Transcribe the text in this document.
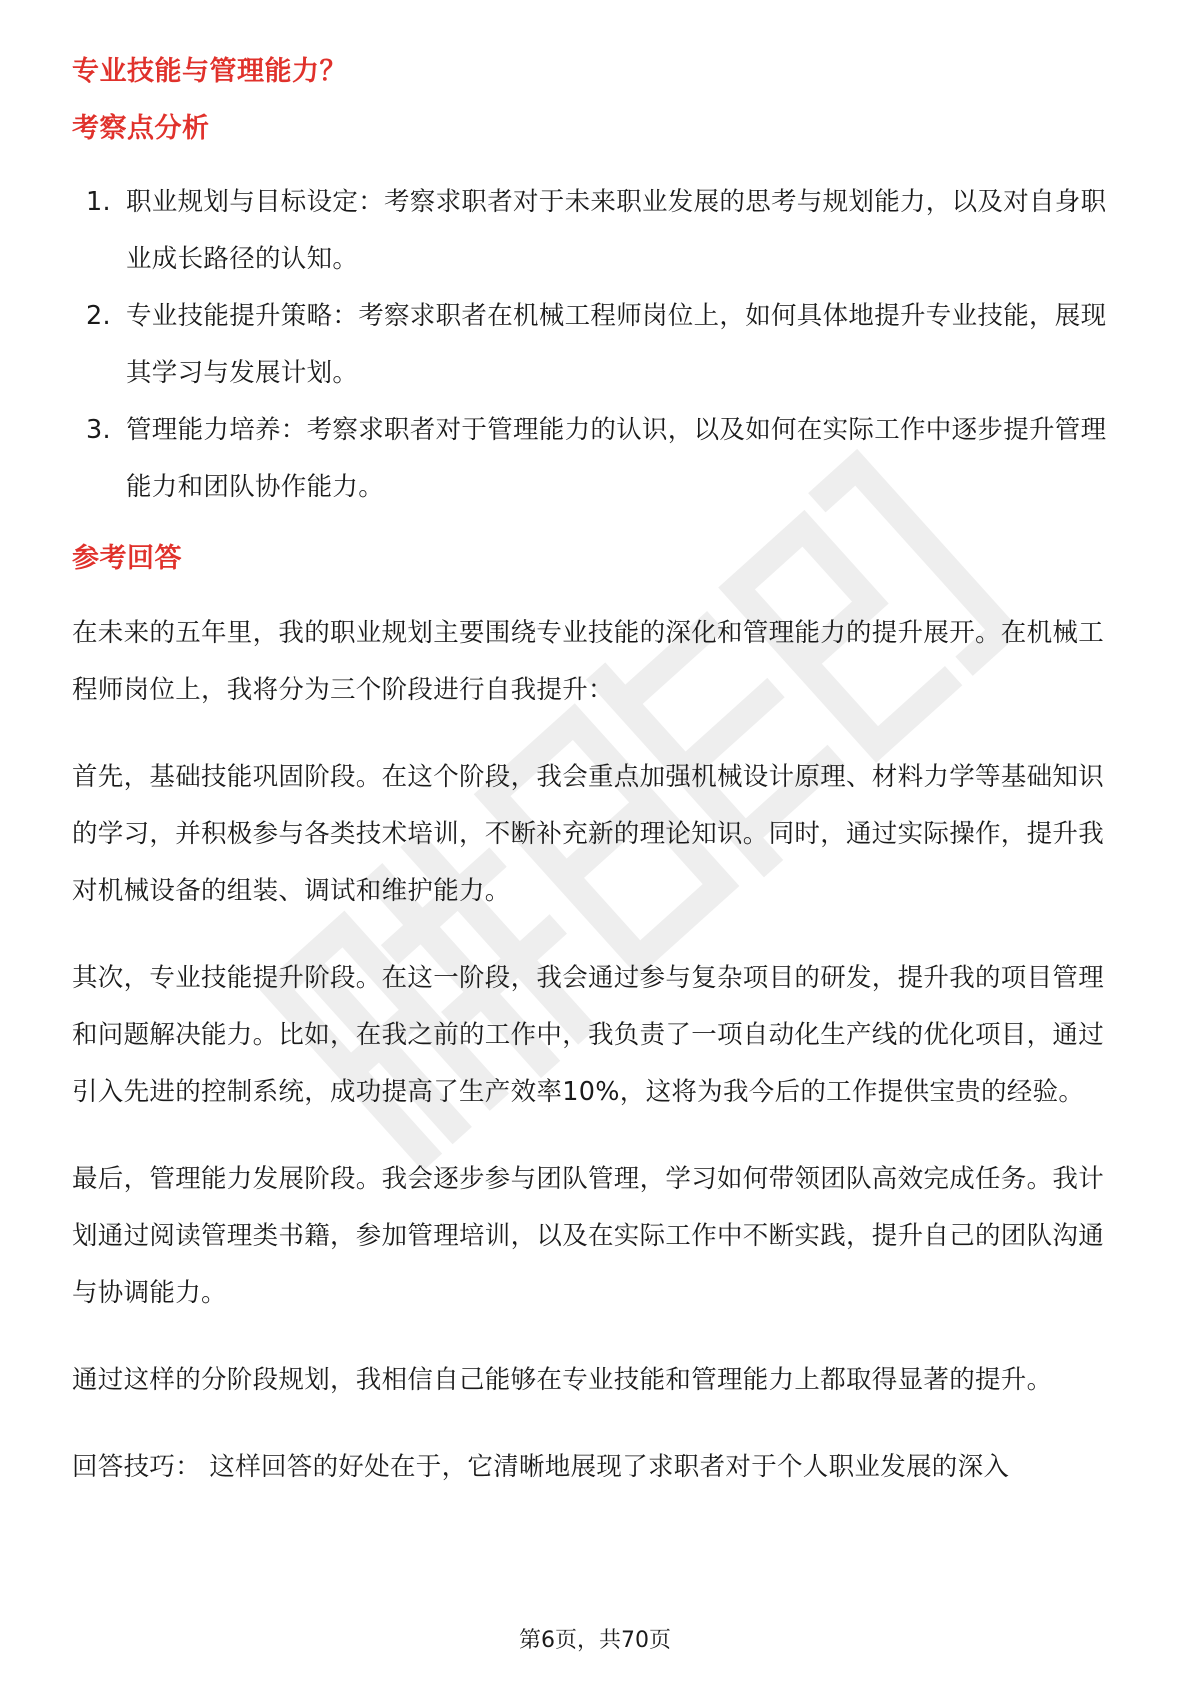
专业技能与管理能力？
考察点分析
1. 职业规划与目标设定：考察求职者对于未来职业发展的思考与规划能力，以及对自身职业成长路径的认知。
2. 专业技能提升策略：考察求职者在机械工程师岗位上，如何具体地提升专业技能，展现其学习与发展计划。
3. 管理能力培养：考察求职者对于管理能力的认识，以及如何在实际工作中逐步提升管理能力和团队协作能力。
参考回答

在未来的五年里，我的职业规划主要围绕专业技能的深化和管理能力的提升展开。在机械工程师岗位上，我将分为三个阶段进行自我提升：

首先，基础技能巩固阶段。在这个阶段，我会重点加强机械设计原理、材料力学等基础知识的学习，并积极参与各类技术培训，不断补充新的理论知识。同时，通过实际操作，提升我对机械设备的组装、调试和维护能力。

其次，专业技能提升阶段。在这一阶段，我会通过参与复杂项目的研发，提升我的项目管理和问题解决能力。比如，在我之前的工作中，我负责了一项自动化生产线的优化项目，通过引入先进的控制系统，成功提高了生产效率10%，这将为我今后的工作提供宝贵的经验。

最后，管理能力发展阶段。我会逐步参与团队管理，学习如何带领团队高效完成任务。我计划通过阅读管理类书籍，参加管理培训，以及在实际工作中不断实践，提升自己的团队沟通与协调能力。

通过这样的分阶段规划，我相信自己能够在专业技能和管理能力上都取得显著的提升。

回答技巧： 这样回答的好处在于，它清晰地展现了求职者对于个人职业发展的深入

第6页，共70页
